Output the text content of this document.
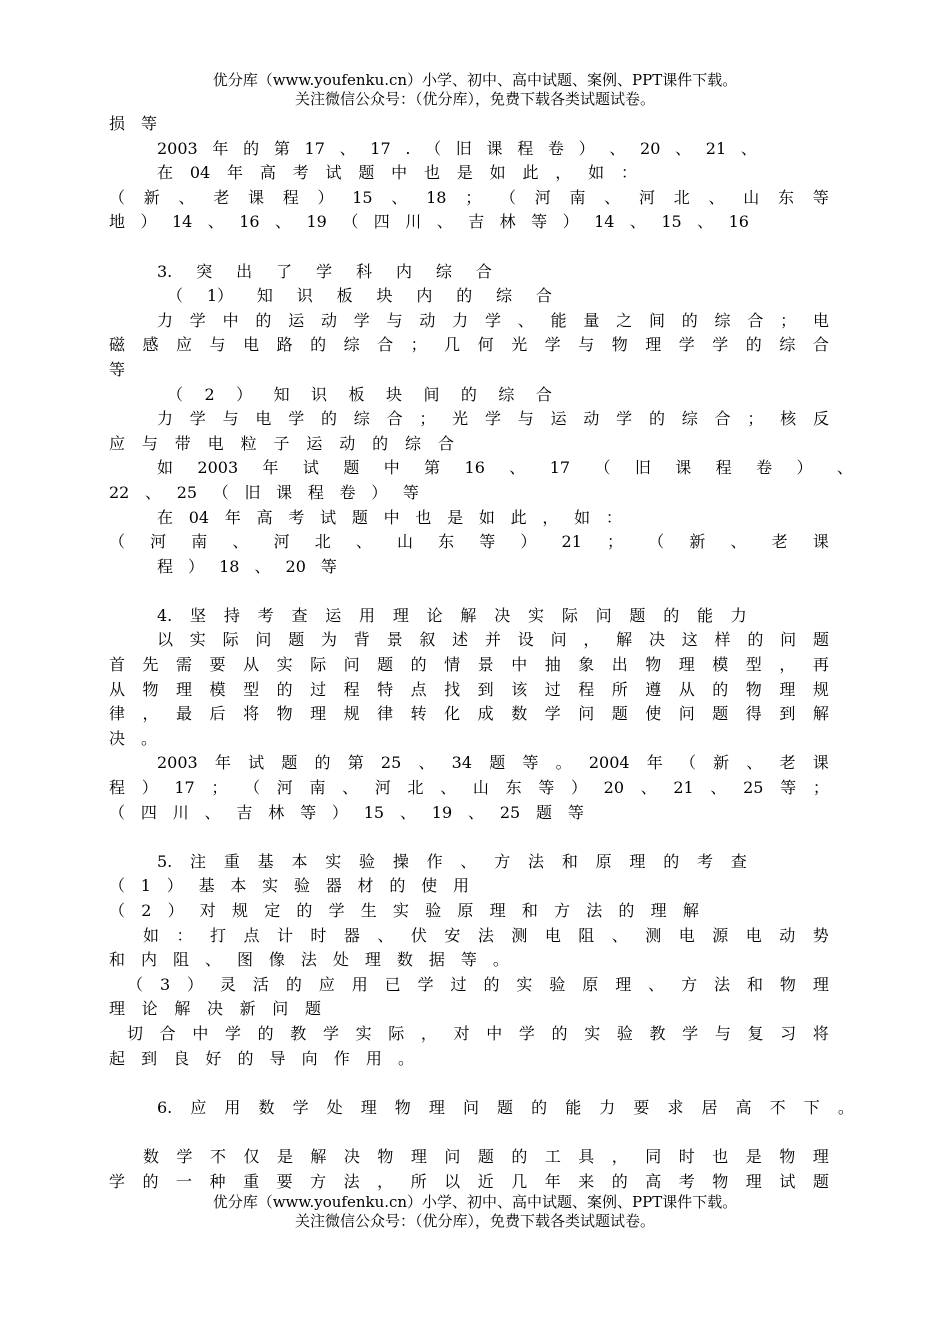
优分库（www.youfenku.cn）小学、初中、高中试题、案例、PPT课件下载。
关注微信公众号：（优分库），免费下载各类试题试卷。
损 等
2003 年 的 第 17 、 17 . （ 旧 课 程 卷 ） 、 20 、 21 、
在 04 年 高 考 试 题 中 也 是 如 此 ， 如 ：
（ 新 、 老 课 程 ） 15 、 18 ； （ 河 南 、 河 北 、 山 东 等
地 ） 14 、 16 、 19 （ 四 川 、 吉 林 等 ） 14 、 15 、 16
3. 突 出 了 学 科 内 综 合
（ 1） 知 识 板 块 内 的 综 合
力 学 中 的 运 动 学 与 动 力 学 、 能 量 之 间 的 综 合 ； 电
磁 感 应 与 电 路 的 综 合 ； 几 何 光 学 与 物 理 学 学 的 综 合
等
（ 2 ） 知 识 板 块 间 的 综 合
力 学 与 电 学 的 综 合 ； 光 学 与 运 动 学 的 综 合 ； 核 反
应 与 带 电 粒 子 运 动 的 综 合
如 2003 年 试 题 中 第 16 、 17 （ 旧 课 程 卷 ） 、
22 、 25 （ 旧 课 程 卷 ） 等
在 04 年 高 考 试 题 中 也 是 如 此 ， 如 ：
（ 河 南 、 河 北 、 山 东 等 ） 21 ； （ 新 、 老 课
程 ） 18 、 20 等
4. 坚 持 考 查 运 用 理 论 解 决 实 际 问 题 的 能 力
以 实 际 问 题 为 背 景 叙 述 并 设 问 ， 解 决 这 样 的 问 题
首 先 需 要 从 实 际 问 题 的 情 景 中 抽 象 出 物 理 模 型 ， 再
从 物 理 模 型 的 过 程 特 点 找 到 该 过 程 所 遵 从 的 物 理 规
律 ， 最 后 将 物 理 规 律 转 化 成 数 学 问 题 使 问 题 得 到 解
决 。
2003 年 试 题 的 第 25 、 34 题 等 。 2004 年 （ 新 、 老 课
程 ） 17 ； （ 河 南 、 河 北 、 山 东 等 ） 20 、 21 、 25 等 ；
（ 四 川 、 吉 林 等 ） 15 、 19 、 25 题 等
5. 注 重 基 本 实 验 操 作 、 方 法 和 原 理 的 考 查
（ 1 ） 基 本 实 验 器 材 的 使 用
（ 2 ） 对 规 定 的 学 生 实 验 原 理 和 方 法 的 理 解
如 ： 打 点 计 时 器 、 伏 安 法 测 电 阻 、 测 电 源 电 动 势
和 内 阻 、 图 像 法 处 理 数 据 等 。
（ 3 ） 灵 活 的 应 用 已 学 过 的 实 验 原 理 、 方 法 和 物 理
理 论 解 决 新 问 题
切 合 中 学 的 教 学 实 际 ， 对 中 学 的 实 验 教 学 与 复 习 将
起 到 良 好 的 导 向 作 用 。
6. 应 用 数 学 处 理 物 理 问 题 的 能 力 要 求 居 高 不 下 。
数 学 不 仅 是 解 决 物 理 问 题 的 工 具 ， 同 时 也 是 物 理
学 的 一 种 重 要 方 法 ， 所 以 近 几 年 来 的 高 考 物 理 试 题
优分库（www.youfenku.cn）小学、初中、高中试题、案例、PPT课件下载。
关注微信公众号：（优分库），免费下载各类试题试卷。
